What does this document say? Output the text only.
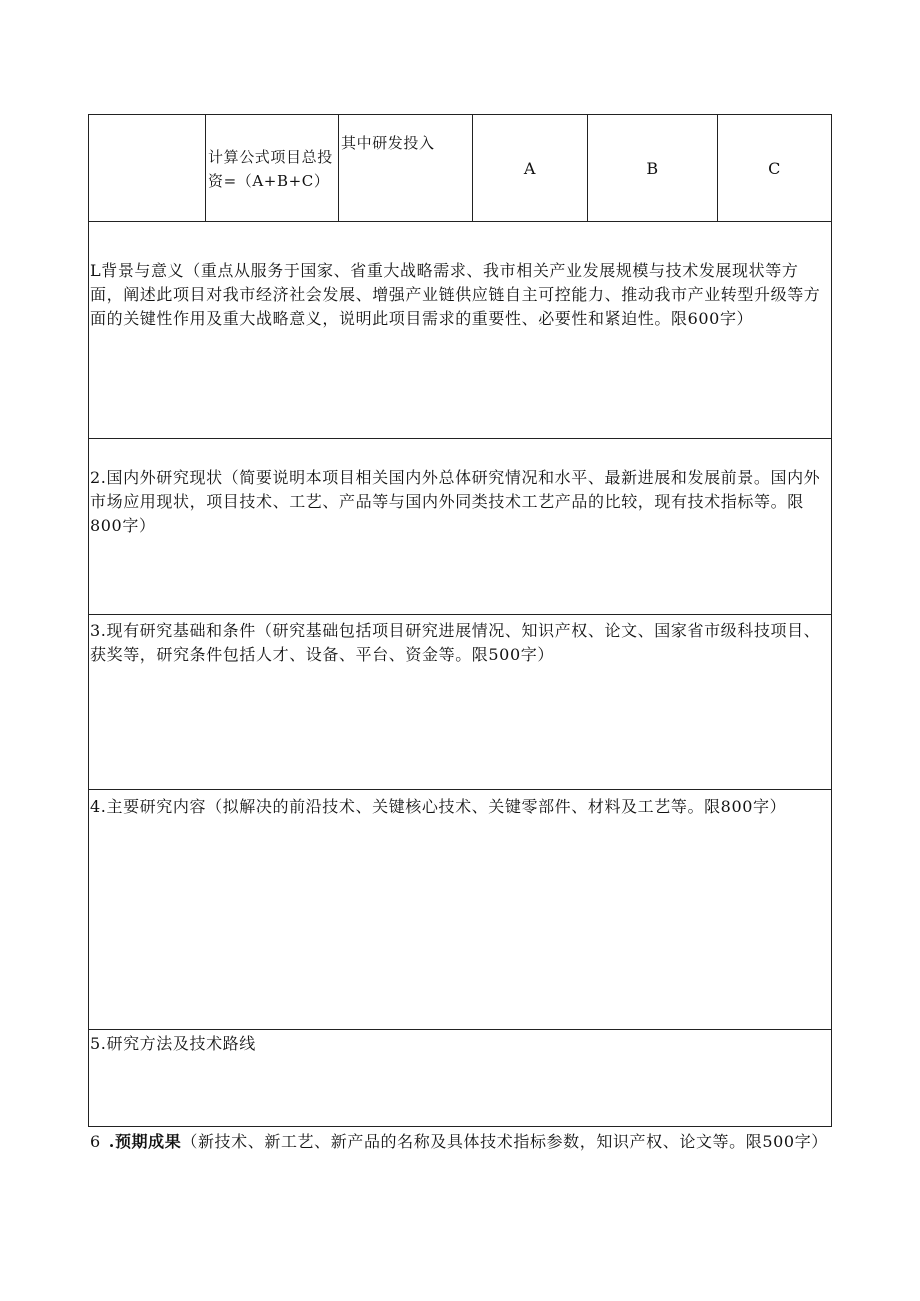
计算公式项目总投资=（A+B+C）
其中研发投入
A	B	C
L背景与意义（重点从服务于国家、省重大战略需求、我市相关产业发展规模与技术发展现状等方面，阐述此项目对我市经济社会发展、增强产业链供应链自主可控能力、推动我市产业转型升级等方面的关键性作用及重大战略意义，说明此项目需求的重要性、必要性和紧迫性。限600字）
2.国内外研究现状（简要说明本项目相关国内外总体研究情况和水平、最新进展和发展前景。国内外市场应用现状，项目技术、工艺、产品等与国内外同类技术工艺产品的比较，现有技术指标等。限800字）
3.现有研究基础和条件（研究基础包括项目研究进展情况、知识产权、论文、国家省市级科技项目、获奖等，研究条件包括人才、设备、平台、资金等。限500字）
4.主要研究内容（拟解决的前沿技术、关键核心技术、关键零部件、材料及工艺等。限800字）
5.研究方法及技术路线
6 .预期成果（新技术、新工艺、新产品的名称及具体技术指标参数，知识产权、论文等。限500字）
